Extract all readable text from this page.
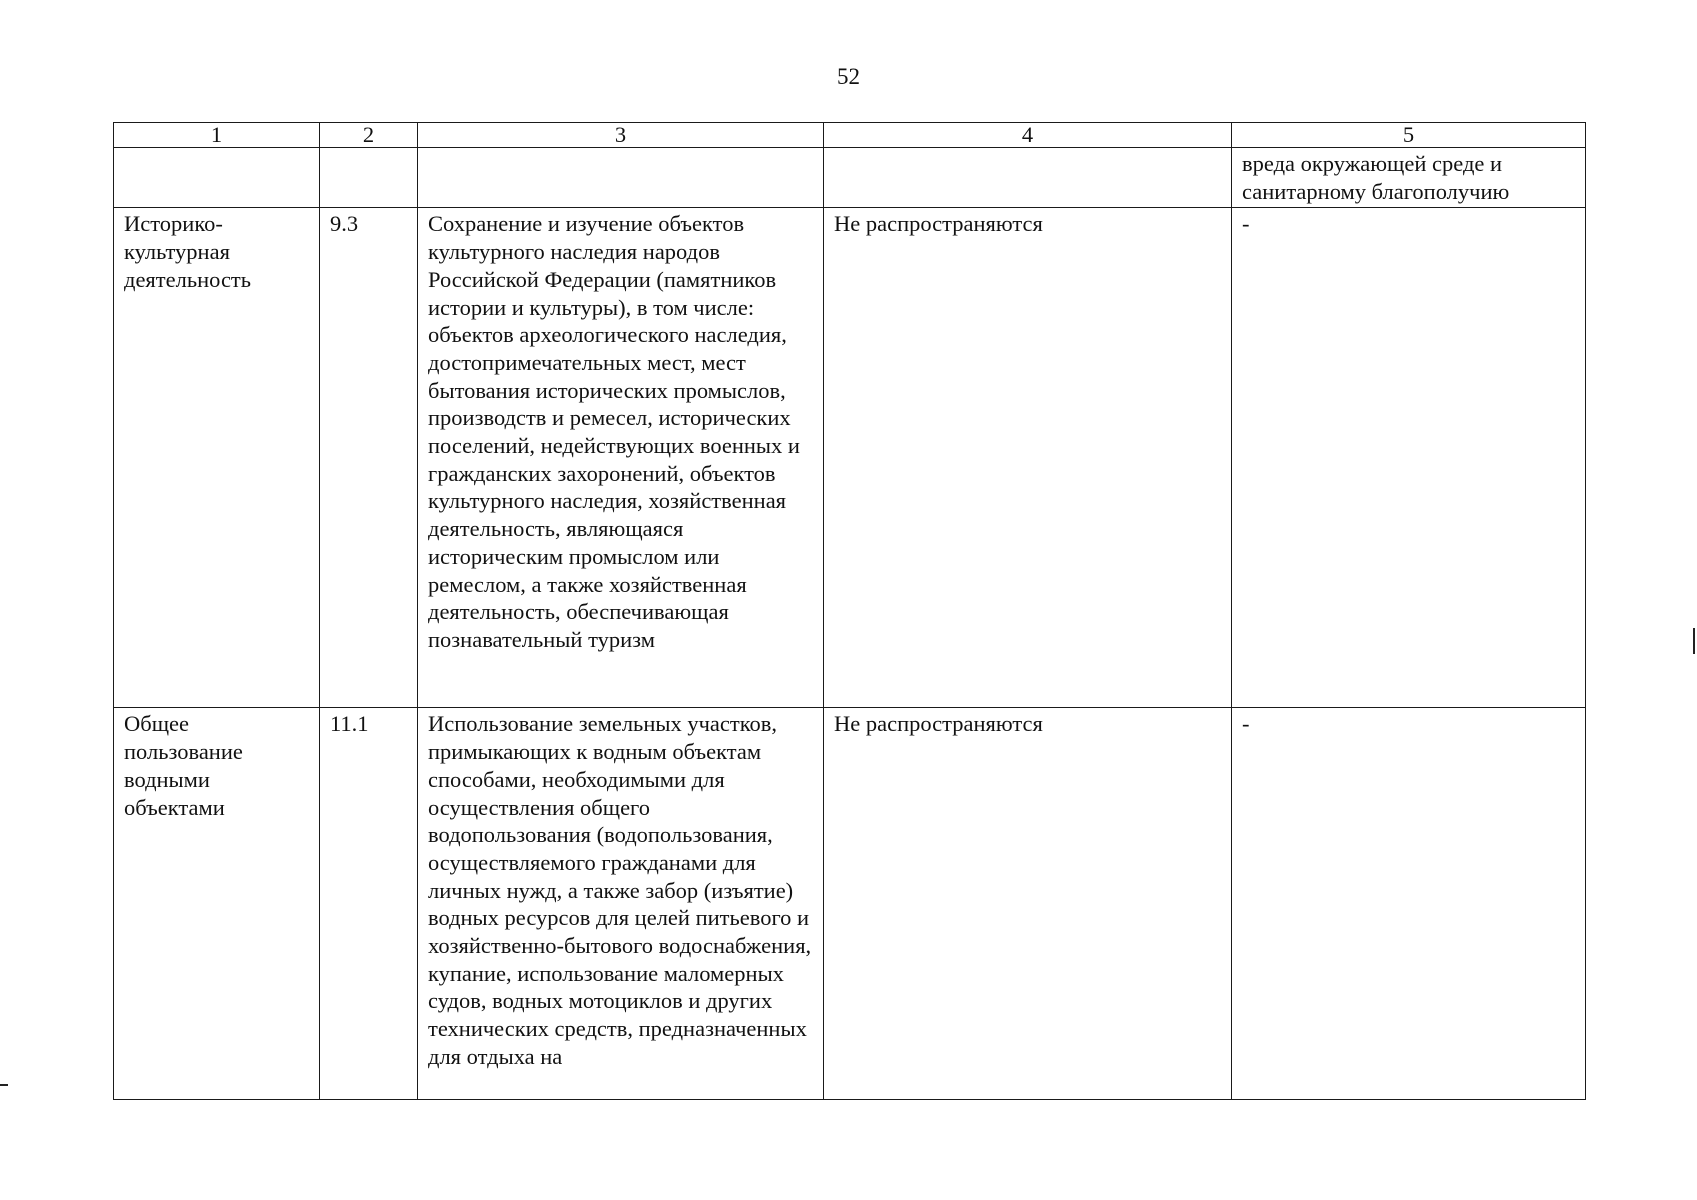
52
1	2	3	4	5
				вреда окружающей среде и санитарному благополучию
Историко-культурная деятельность	9.3	Сохранение и изучение объектов культурного наследия народов Российской Федерации (памятников истории и культуры), в том числе: объектов археологического наследия, достопримечательных мест, мест бытования исторических промыслов, производств и ремесел, исторических поселений, недействующих военных и гражданских захоронений, объектов культурного наследия, хозяйственная деятельность, являющаяся историческим промыслом или ремеслом, а также хозяйственная деятельность, обеспечивающая познавательный туризм	Не распространяются	-
Общее пользование водными объектами	11.1	Использование земельных участков, примыкающих к водным объектам способами, необходимыми для осуществления общего водопользования (водопользования, осуществляемого гражданами для личных нужд, а также забор (изъятие) водных ресурсов для целей питьевого и хозяйственно-бытового водоснабжения, купание, использование маломерных судов, водных мотоциклов и других технических средств, предназначенных для отдыха на	Не распространяются	-
